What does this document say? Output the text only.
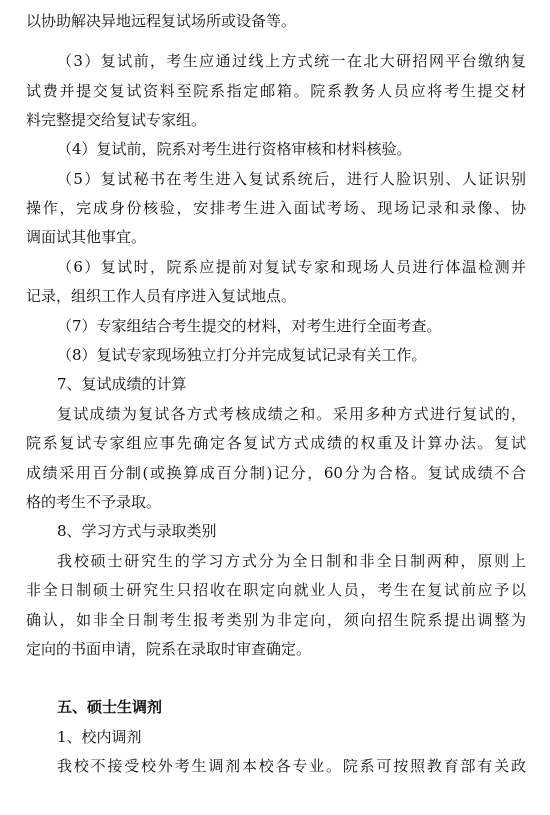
以协助解决异地远程复试场所或设备等。
（3）复试前，考生应通过线上方式统一在北大研招网平台缴纳复
试费并提交复试资料至院系指定邮箱。院系教务人员应将考生提交材
料完整提交给复试专家组。
（4）复试前，院系对考生进行资格审核和材料核验。
（5）复试秘书在考生进入复试系统后，进行人脸识别、人证识别
操作，完成身份核验，安排考生进入面试考场、现场记录和录像、协
调面试其他事宜。
（6）复试时，院系应提前对复试专家和现场人员进行体温检测并
记录，组织工作人员有序进入复试地点。
（7）专家组结合考生提交的材料，对考生进行全面考查。
（8）复试专家现场独立打分并完成复试记录有关工作。
7、复试成绩的计算
复试成绩为复试各方式考核成绩之和。采用多种方式进行复试的，
院系复试专家组应事先确定各复试方式成绩的权重及计算办法。复试
成绩采用百分制(或换算成百分制)记分，60分为合格。复试成绩不合
格的考生不予录取。
8、学习方式与录取类别
我校硕士研究生的学习方式分为全日制和非全日制两种，原则上
非全日制硕士研究生只招收在职定向就业人员，考生在复试前应予以
确认，如非全日制考生报考类别为非定向，须向招生院系提出调整为
定向的书面申请，院系在录取时审查确定。
五、硕士生调剂
1、校内调剂
我校不接受校外考生调剂本校各专业。院系可按照教育部有关政
